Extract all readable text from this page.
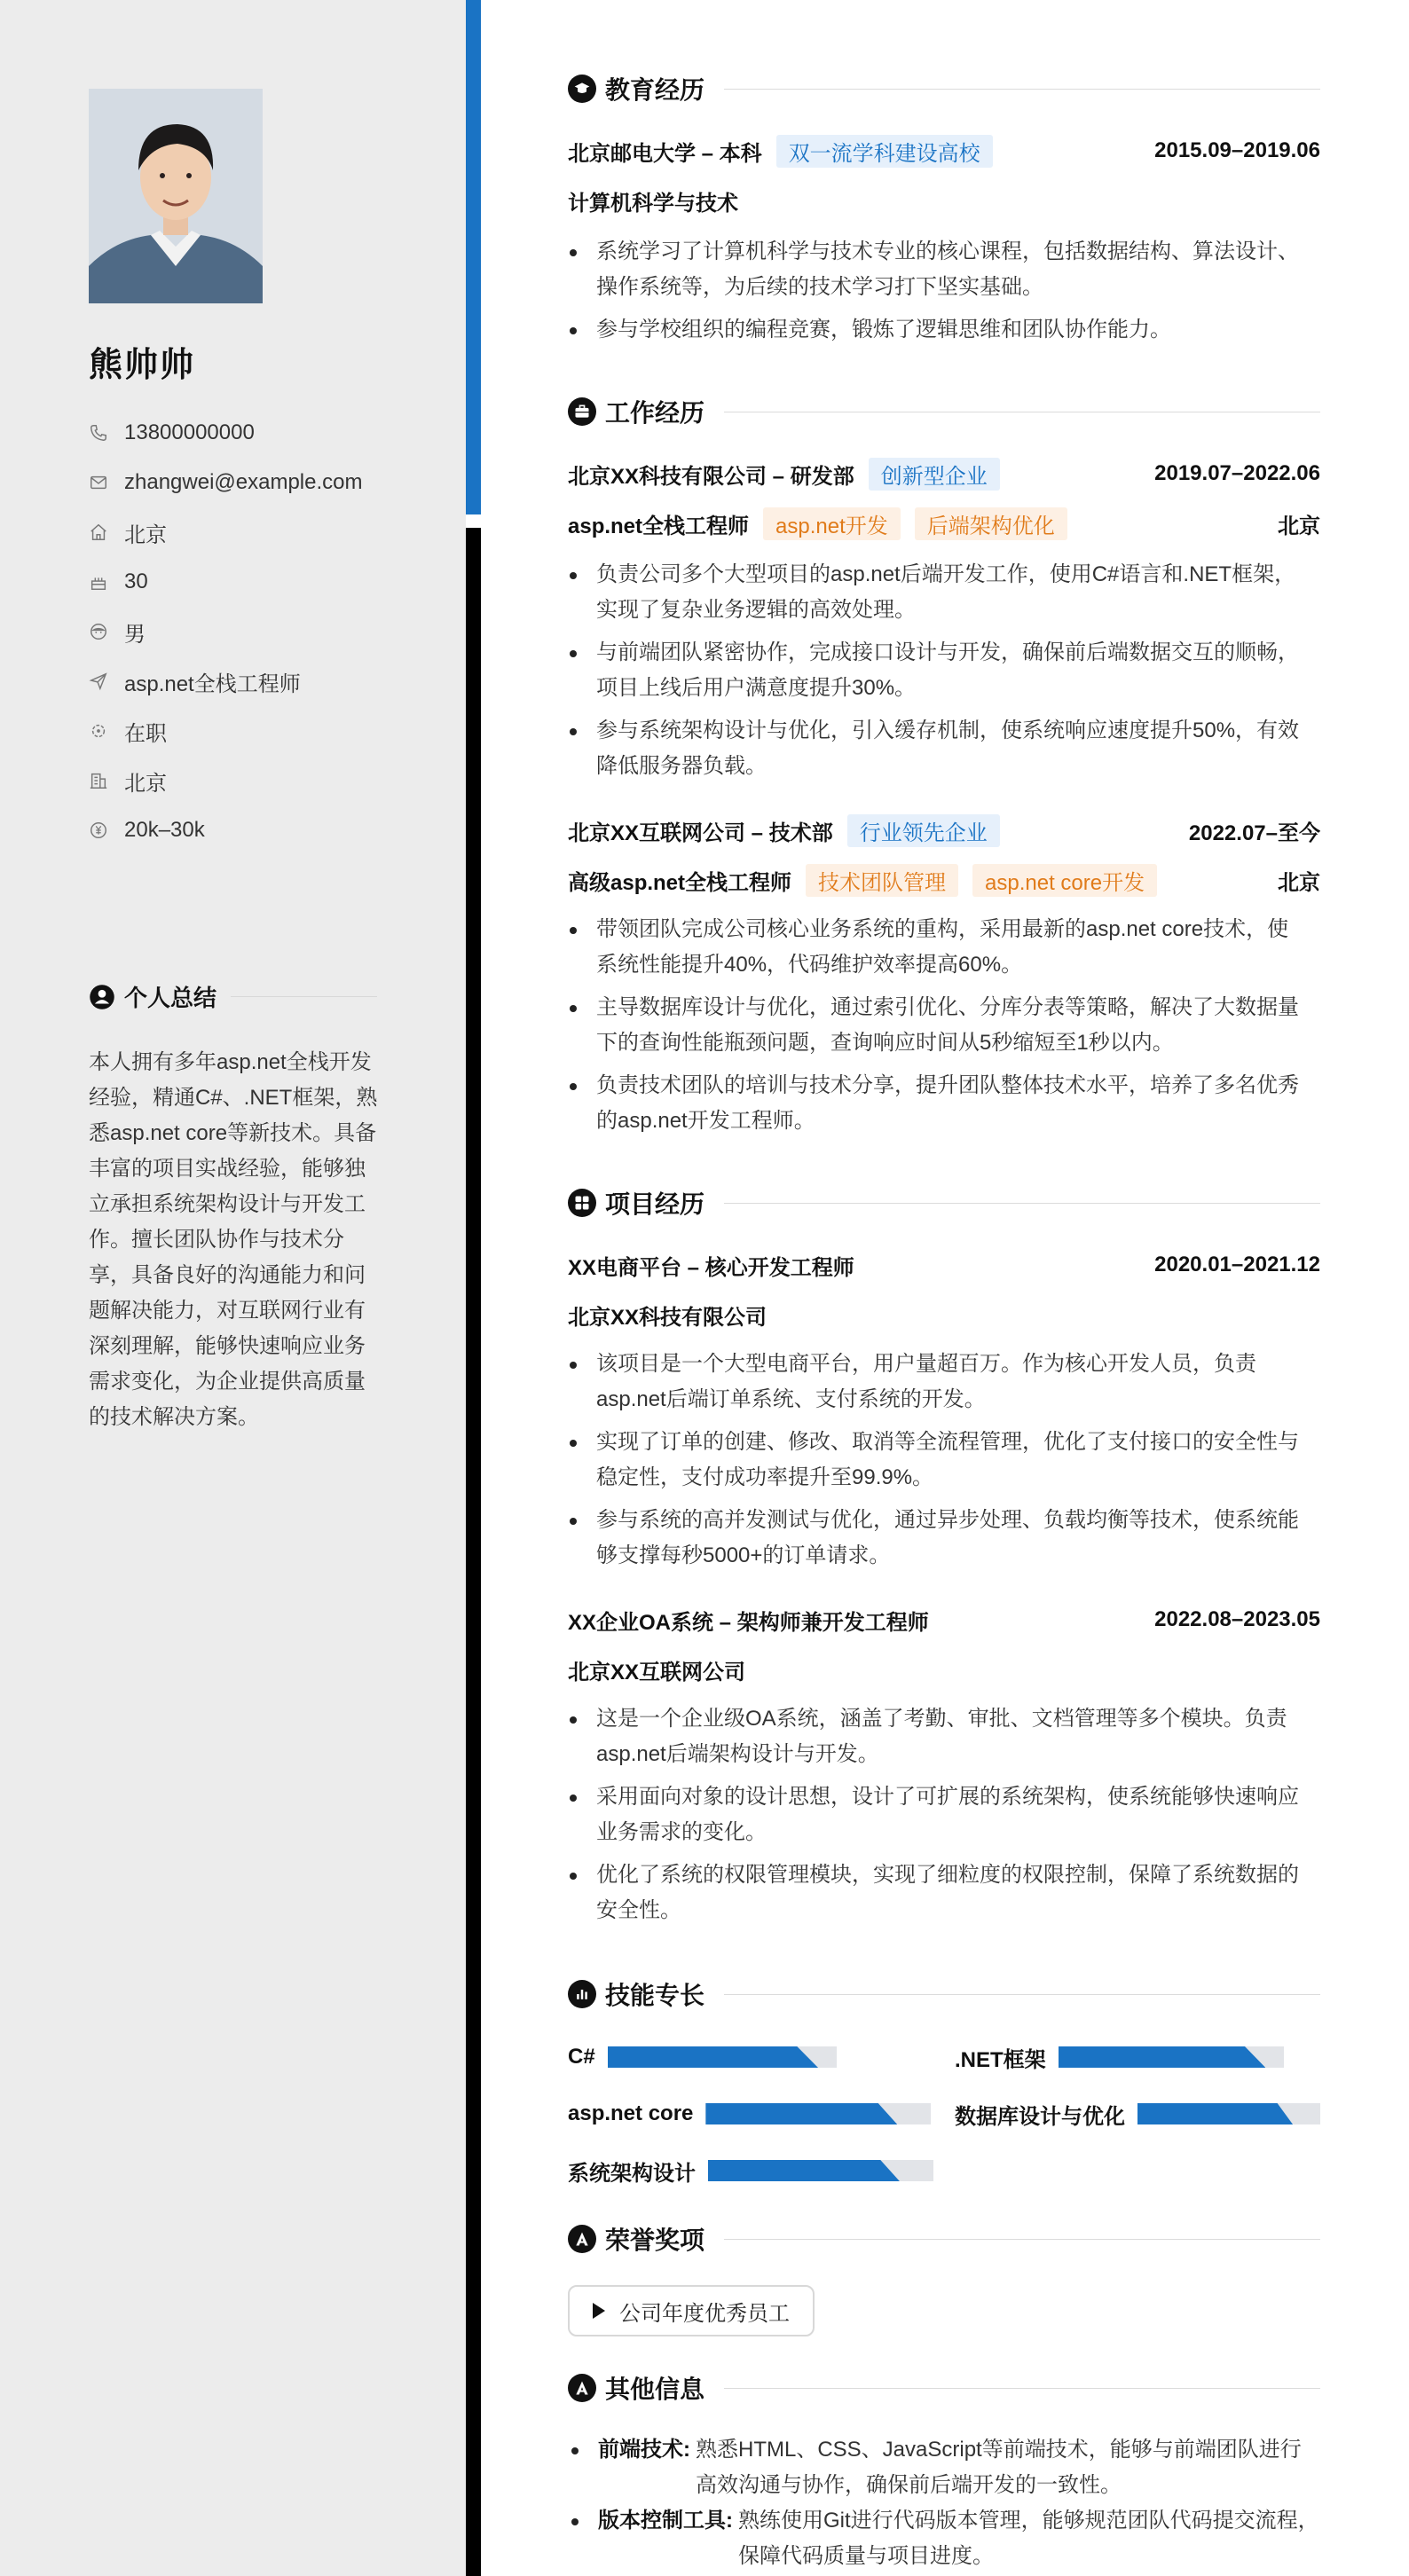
熊帅帅
13800000000
zhangwei@example.com
北京
30
男
asp.net全栈工程师
在职
北京
20k–30k
个人总结
本人拥有多年asp.net全栈开发经验，精通C#、.NET框架，熟悉asp.net core等新技术。具备丰富的项目实战经验，能够独立承担系统架构设计与开发工作。擅长团队协作与技术分享，具备良好的沟通能力和问题解决能力，对互联网行业有深刻理解，能够快速响应业务需求变化，为企业提供高质量的技术解决方案。
教育经历
北京邮电大学 – 本科	双一流学科建设高校	2015.09–2019.06
计算机科学与技术
系统学习了计算机科学与技术专业的核心课程，包括数据结构、算法设计、操作系统等，为后续的技术学习打下坚实基础。
参与学校组织的编程竞赛，锻炼了逻辑思维和团队协作能力。
工作经历
北京XX科技有限公司 – 研发部	创新型企业	2019.07–2022.06
asp.net全栈工程师	asp.net开发	后端架构优化	北京
负责公司多个大型项目的asp.net后端开发工作，使用C#语言和.NET框架，实现了复杂业务逻辑的高效处理。
与前端团队紧密协作，完成接口设计与开发，确保前后端数据交互的顺畅，项目上线后用户满意度提升30%。
参与系统架构设计与优化，引入缓存机制，使系统响应速度提升50%，有效降低服务器负载。
北京XX互联网公司 – 技术部	行业领先企业	2022.07–至今
高级asp.net全栈工程师	技术团队管理	asp.net core开发	北京
带领团队完成公司核心业务系统的重构，采用最新的asp.net core技术，使系统性能提升40%，代码维护效率提高60%。
主导数据库设计与优化，通过索引优化、分库分表等策略，解决了大数据量下的查询性能瓶颈问题，查询响应时间从5秒缩短至1秒以内。
负责技术团队的培训与技术分享，提升团队整体技术水平，培养了多名优秀的asp.net开发工程师。
项目经历
XX电商平台 – 核心开发工程师	2020.01–2021.12
北京XX科技有限公司
该项目是一个大型电商平台，用户量超百万。作为核心开发人员，负责asp.net后端订单系统、支付系统的开发。
实现了订单的创建、修改、取消等全流程管理，优化了支付接口的安全性与稳定性，支付成功率提升至99.9%。
参与系统的高并发测试与优化，通过异步处理、负载均衡等技术，使系统能够支撑每秒5000+的订单请求。
XX企业OA系统 – 架构师兼开发工程师	2022.08–2023.05
北京XX互联网公司
这是一个企业级OA系统，涵盖了考勤、审批、文档管理等多个模块。负责asp.net后端架构设计与开发。
采用面向对象的设计思想，设计了可扩展的系统架构，使系统能够快速响应业务需求的变化。
优化了系统的权限管理模块，实现了细粒度的权限控制，保障了系统数据的安全性。
技能专长
C#	.NET框架
asp.net core	数据库设计与优化
系统架构设计
荣誉奖项
公司年度优秀员工
其他信息
前端技术: 熟悉HTML、CSS、JavaScript等前端技术，能够与前端团队进行高效沟通与协作，确保前后端开发的一致性。
版本控制工具: 熟练使用Git进行代码版本管理，能够规范团队代码提交流程，保障代码质量与项目进度。
